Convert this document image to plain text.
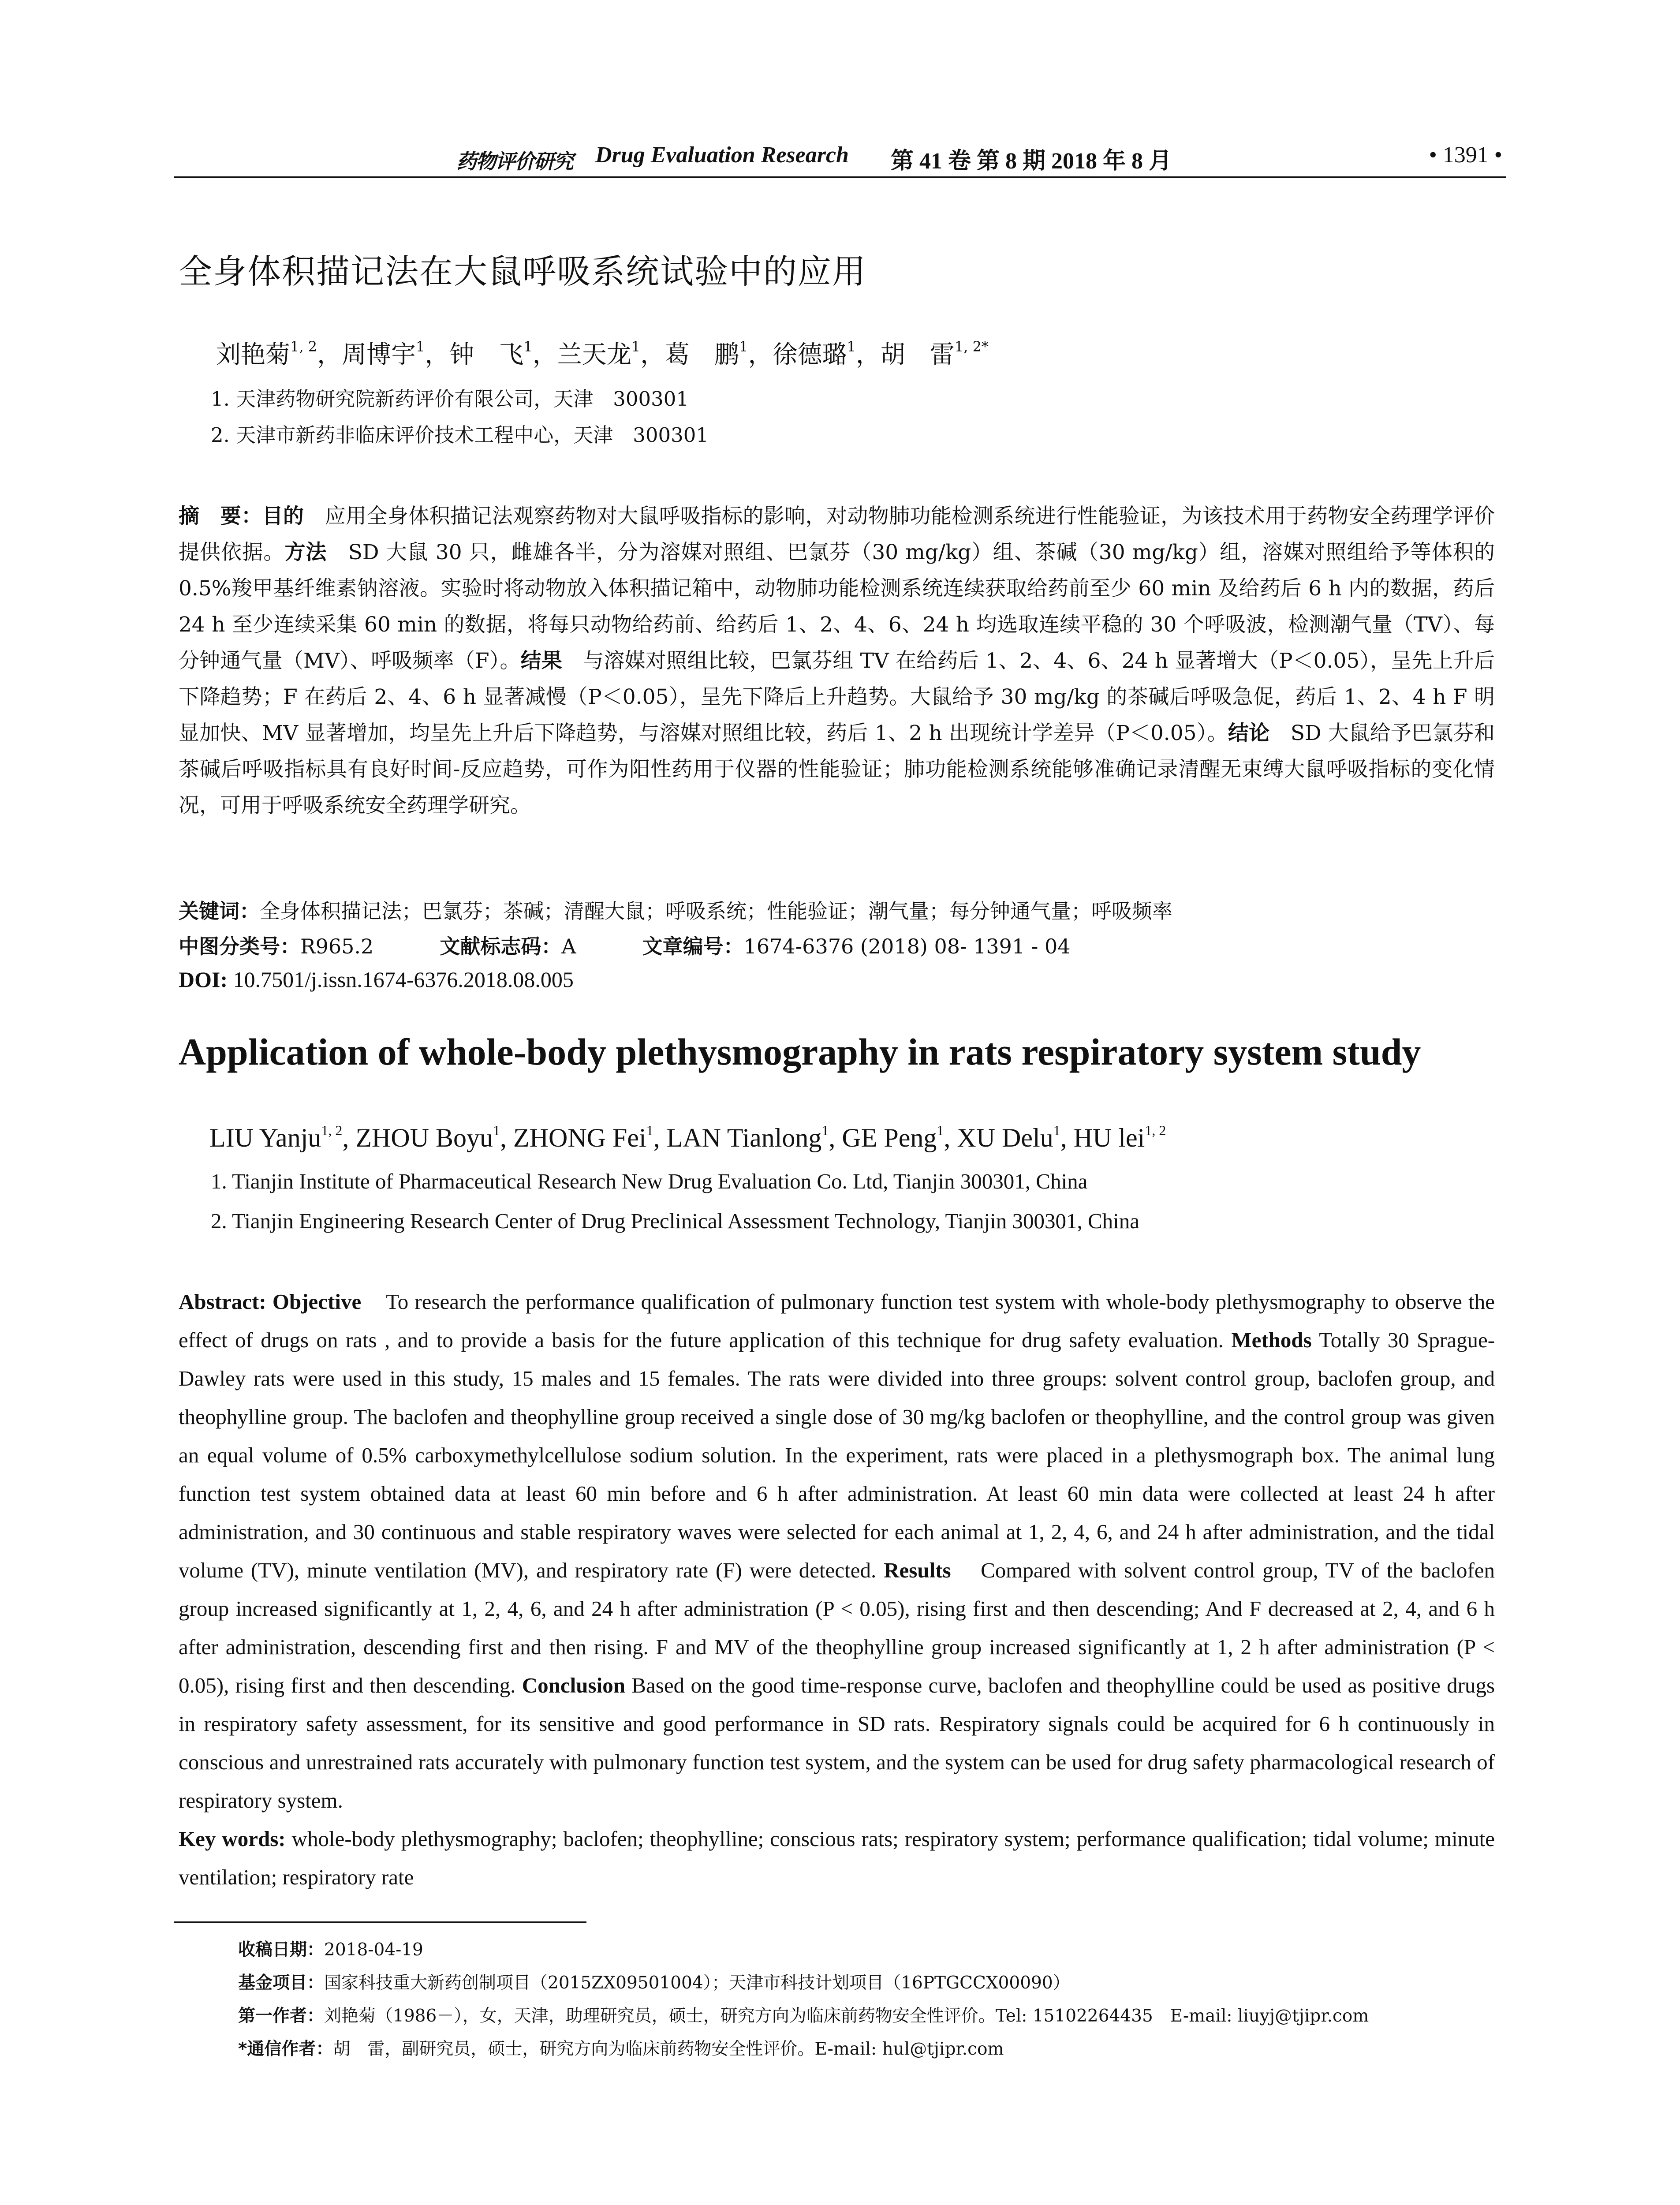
药物评价研究 Drug Evaluation Research 第 41 卷 第 8 期 2018 年 8 月	• 1391 •
全身体积描记法在大鼠呼吸系统试验中的应用
刘艳菊$^{1, 2}$，周博宇$^1$，钟　飞$^1$，兰天龙$^1$，葛　鹏$^1$，徐德璐$^1$，胡　雷$^{1, 2*}$
1. 天津药物研究院新药评价有限公司，天津　300301
2. 天津市新药非临床评价技术工程中心，天津　300301
摘　要：目的　 应用全身体积描记法观察药物对大鼠呼吸指标的影响，对动物肺功能检测系统进行性能验证，为该技术用于药物安全药理学评价提供依据。方法　 SD 大鼠 30 只，雌雄各半，分为溶媒对照组、巴氯芬（30 mg/kg）组、茶碱（30 mg/kg）组，溶媒对照组给予等体积的 0.5%羧甲基纤维素钠溶液。实验时将动物放入体积描记箱中，动物肺功能检测系统连续获取给药前至少 60 min 及给药后 6 h 内的数据，药后 24 h 至少连续采集 60 min 的数据，将每只动物给药前、给药后 1、2、4、6、24 h 均选取连续平稳的 30 个呼吸波，检测潮气量（TV）、每分钟通气量（MV）、呼吸频率（F）。结果　 与溶媒对照组比较，巴氯芬组 TV 在给药后 1、2、4、6、24 h 显著增大（P＜0.05），呈先上升后下降趋势；F 在药后 2、4、6 h 显著减慢（P＜0.05），呈先下降后上升趋势。大鼠给予 30 mg/kg 的茶碱后呼吸急促，药后 1、2、4 h F 明显加快、MV 显著增加，均呈先上升后下降趋势，与溶媒对照组比较，药后 1、2 h 出现统计学差异（P＜0.05）。结论　 SD 大鼠给予巴氯芬和茶碱后呼吸指标具有良好时间-反应趋势，可作为阳性药用于仪器的性能验证；肺功能检测系统能够准确记录清醒无束缚大鼠呼吸指标的变化情况，可用于呼吸系统安全药理学研究。
关键词：全身体积描记法；巴氯芬；茶碱；清醒大鼠；呼吸系统；性能验证；潮气量；每分钟通气量；呼吸频率
中图分类号：R965.2	文献标志码：A	文章编号：1674-6376 (2018) 08- 1391 - 04
DOI: 10.7501/j.issn.1674-6376.2018.08.005
Application of whole-body plethysmography in rats respiratory system study
LIU Yanju$^{1, 2}$, ZHOU Boyu$^1$, ZHONG Fei$^1$, LAN Tianlong$^1$, GE Peng$^1$, XU Delu$^1$, HU lei$^{1, 2}$
1. Tianjin Institute of Pharmaceutical Research New Drug Evaluation Co. Ltd, Tianjin 300301, China
2. Tianjin Engineering Research Center of Drug Preclinical Assessment Technology, Tianjin 300301, China
Abstract: Objective To research the performance qualification of pulmonary function test system with whole-body plethysmography to observe the effect of drugs on rats , and to provide a basis for the future application of this technique for drug safety evaluation. Methods Totally 30 Sprague-Dawley rats were used in this study, 15 males and 15 females. The rats were divided into three groups: solvent control group, baclofen group, and theophylline group. The baclofen and theophylline group received a single dose of 30 mg/kg baclofen or theophylline, and the control group was given an equal volume of 0.5% carboxymethylcellulose sodium solution. In the experiment, rats were placed in a plethysmograph box. The animal lung function test system obtained data at least 60 min before and 6 h after administration. At least 60 min data were collected at least 24 h after administration, and 30 continuous and stable respiratory waves were selected for each animal at 1, 2, 4, 6, and 24 h after administration, and the tidal volume (TV), minute ventilation (MV), and respiratory rate (F) were detected. Results Compared with solvent control group, TV of the baclofen group increased significantly at 1, 2, 4, 6, and 24 h after administration (P < 0.05), rising first and then descending; And F decreased at 2, 4, and 6 h after administration, descending first and then rising. F and MV of the theophylline group increased significantly at 1, 2 h after administration (P < 0.05), rising first and then descending. Conclusion Based on the good time-response curve, baclofen and theophylline could be used as positive drugs in respiratory safety assessment, for its sensitive and good performance in SD rats. Respiratory signals could be acquired for 6 h continuously in conscious and unrestrained rats accurately with pulmonary function test system, and the system can be used for drug safety pharmacological research of respiratory system.
Key words: whole-body plethysmography; baclofen; theophylline; conscious rats; respiratory system; performance qualification; tidal volume; minute ventilation; respiratory rate
收稿日期：2018-04-19
基金项目：国家科技重大新药创制项目（2015ZX09501004）；天津市科技计划项目（16PTGCCX00090）
第一作者：刘艳菊（1986－），女，天津，助理研究员，硕士，研究方向为临床前药物安全性评价。Tel: 15102264435　E-mail: liuyj@tjipr.com
*通信作者：胡　雷，副研究员，硕士，研究方向为临床前药物安全性评价。E-mail: hul@tjipr.com
